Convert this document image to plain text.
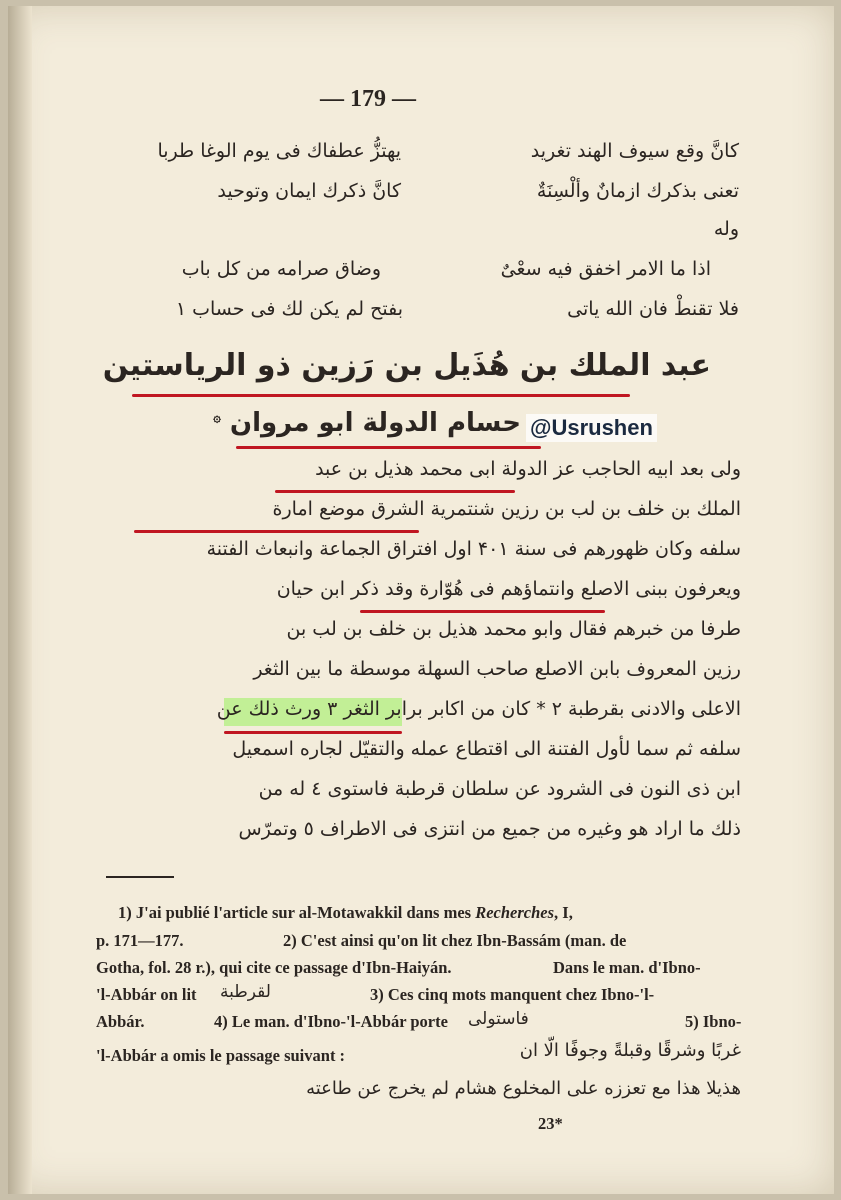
— 179 —
يهتزُّ عطفاك فى يوم الوغا طربا	كانَّ وقع سيوف الهند تغريد
كانَّ ذكرك ايمان وتوحيد	تعنى بذكرك ازمانٌ وألْسِنَةٌ
وله
وضاق صرامه من كل باب	اذا ما الامر اخفق فيه سعْىٌ
بفتح لم يكن لك فى حساب ١	فلا تقنطْ فان الله ياتى
عبد الملك بن هُذَيل بن رَزين ذو الرياستين
حسام الدولة ابو مروان ۞	@Usrushen
ولى بعد ابيه الحاجب عز الدولة ابى محمد هذيل بن عبد
الملك بن خلف بن لب بن رزين شنتمرية الشرق موضع امارة
سلفه وكان ظهورهم فى سنة ۴۰۱ اول افتراق الجماعة وانبعاث الفتنة
ويعرفون ببنى الاصلع وانتماؤهم فى هُوّارة وقد ذكر ابن حيان
طرفا من خبرهم فقال وابو محمد هذيل بن خلف بن لب بن
رزين المعروف بابن الاصلع صاحب السهلة موسطة ما بين الثغر
الاعلى والادنى بقرطبة ٢ * كان من اكابر برابر الثغر ٣ ورث ذلك عن
سلفه ثم سما لأول الفتنة الى اقتطاع عمله والتقيّل لجاره اسمعيل
ابن ذى النون فى الشرود عن سلطان قرطبة فاستوى ٤ له من
ذلك ما اراد هو وغيره من جميع من انتزى فى الاطراف ٥ وتمرّس
1) J'ai publié l'article sur al-Motawakkil dans mes Recherches, I,
p. 171—177.	2) C'est ainsi qu'on lit chez Ibn-Bassám (man. de
Gotha, fol. 28 r.), qui cite ce passage d'Ibn-Haiyán.	Dans le man. d'Ibno-
'l-Abbár on lit لقرطبة	3) Ces cinq mots manquent chez Ibno-'l-
Abbár.	4) Le man. d'Ibno-'l-Abbár porte فاستولى	5) Ibno-
'l-Abbár a omis le passage suivant :	غربًا وشرقًا وقبلةً وجوفًا الّا ان
هذيلا هذا مع تعززه على المخلوع هشام لم يخرج عن طاعته
23*
